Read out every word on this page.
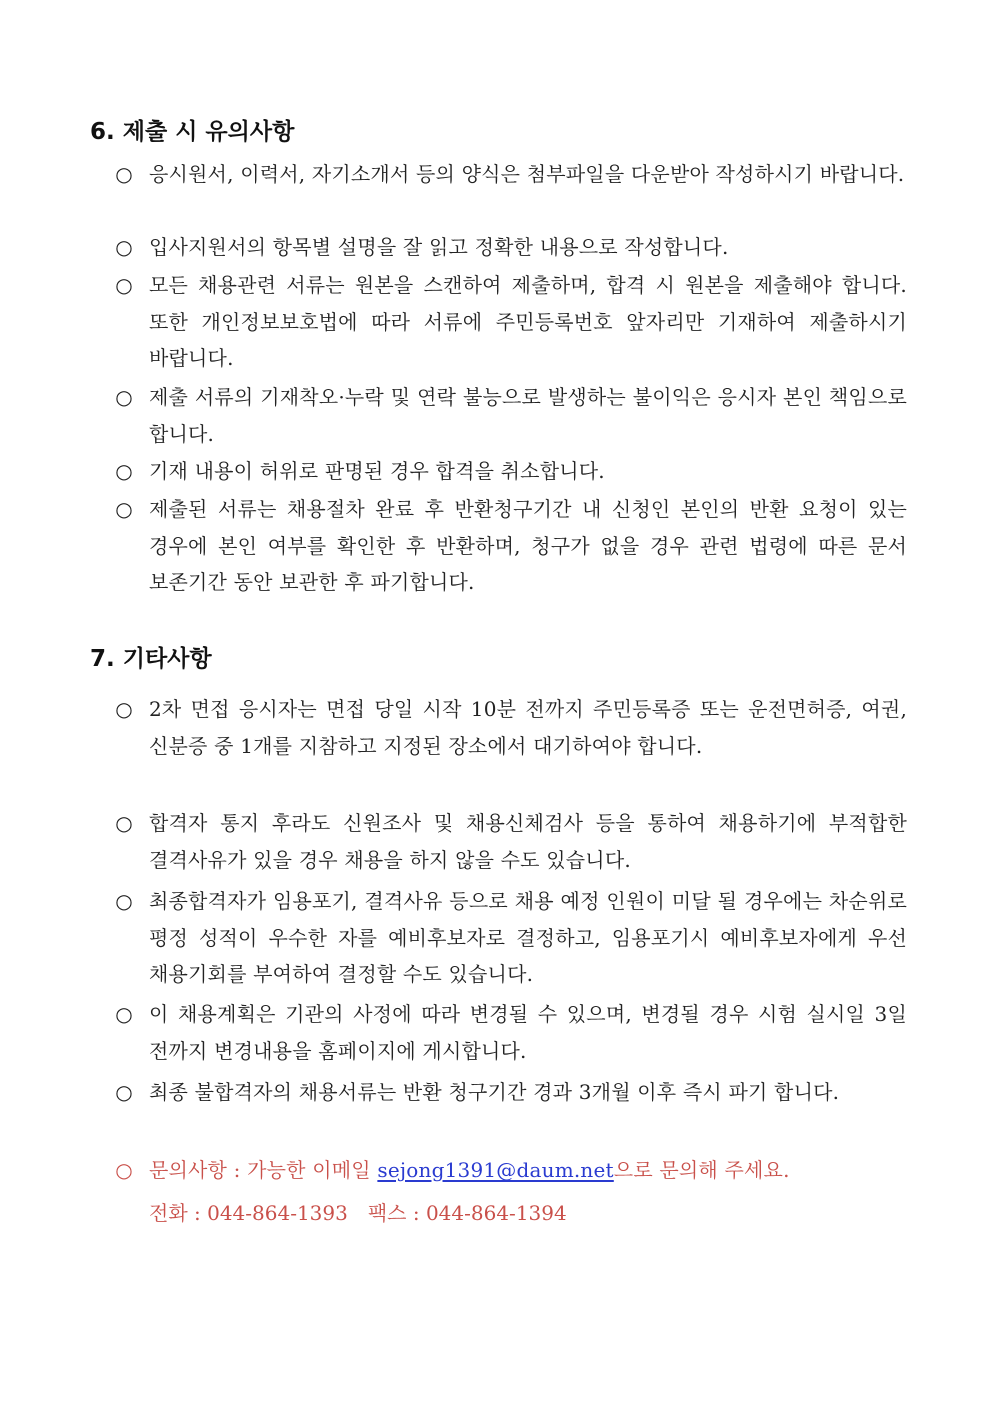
6. 제출 시 유의사항
○ 응시원서, 이력서, 자기소개서 등의 양식은 첨부파일을 다운받아 작성하시기 바랍니다.
○ 입사지원서의 항목별 설명을 잘 읽고 정확한 내용으로 작성합니다.
○ 모든 채용관련 서류는 원본을 스캔하여 제출하며, 합격 시 원본을 제출해야 합니다. 또한 개인정보보호법에 따라 서류에 주민등록번호 앞자리만 기재하여 제출하시기 바랍니다.
○ 제출 서류의 기재착오·누락 및 연락 불능으로 발생하는 불이익은 응시자 본인 책임으로 합니다.
○ 기재 내용이 허위로 판명된 경우 합격을 취소합니다.
○ 제출된 서류는 채용절차 완료 후 반환청구기간 내 신청인 본인의 반환 요청이 있는 경우에 본인 여부를 확인한 후 반환하며, 청구가 없을 경우 관련 법령에 따른 문서 보존기간 동안 보관한 후 파기합니다.
7. 기타사항
○ 2차 면접 응시자는 면접 당일 시작 10분 전까지 주민등록증 또는 운전면허증, 여권, 신분증 중 1개를 지참하고 지정된 장소에서 대기하여야 합니다.
○ 합격자 통지 후라도 신원조사 및 채용신체검사 등을 통하여 채용하기에 부적합한 결격사유가 있을 경우 채용을 하지 않을 수도 있습니다.
○ 최종합격자가 임용포기, 결격사유 등으로 채용 예정 인원이 미달 될 경우에는 차순위로 평정 성적이 우수한 자를 예비후보자로 결정하고, 임용포기시 예비후보자에게 우선 채용기회를 부여하여 결정할 수도 있습니다.
○ 이 채용계획은 기관의 사정에 따라 변경될 수 있으며, 변경될 경우 시험 실시일 3일 전까지 변경내용을 홈페이지에 게시합니다.
○ 최종 불합격자의 채용서류는 반환 청구기간 경과 3개월 이후 즉시 파기 합니다.
○ 문의사항 : 가능한 이메일 sejong1391@daum.net으로 문의해 주세요.
전화 : 044-864-1393 팩스 : 044-864-1394
